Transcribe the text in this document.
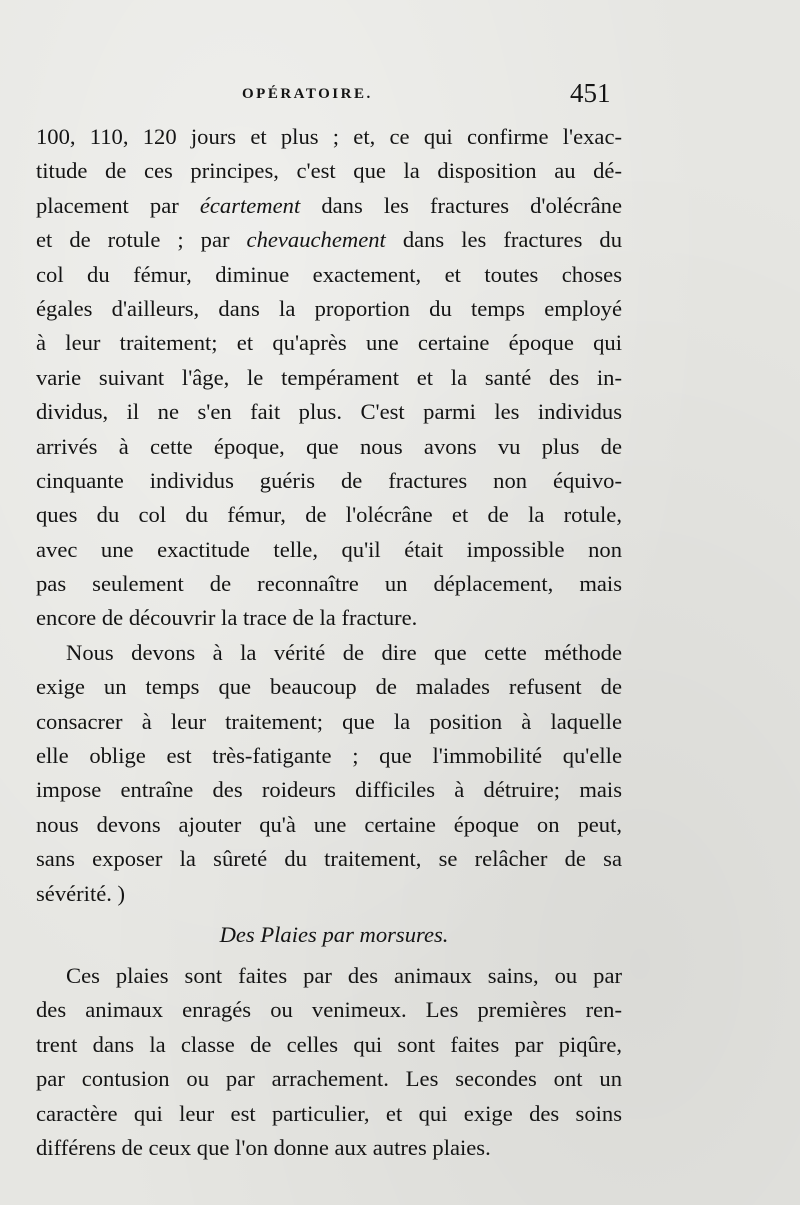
OPÉRATOIRE.	451
100, 110, 120 jours et plus ; et, ce qui confirme l'exac-
titude de ces principes, c'est que la disposition au dé-
placement par écartement dans les fractures d'olécrâne
et de rotule ; par chevauchement dans les fractures du
col du fémur, diminue exactement, et toutes choses
égales d'ailleurs, dans la proportion du temps employé
à leur traitement; et qu'après une certaine époque qui
varie suivant l'âge, le tempérament et la santé des in-
dividus, il ne s'en fait plus. C'est parmi les individus
arrivés à cette époque, que nous avons vu plus de
cinquante individus guéris de fractures non équivo-
ques du col du fémur, de l'olécrâne et de la rotule,
avec une exactitude telle, qu'il était impossible non
pas seulement de reconnaître un déplacement, mais
encore de découvrir la trace de la fracture.
Nous devons à la vérité de dire que cette méthode
exige un temps que beaucoup de malades refusent de
consacrer à leur traitement; que la position à laquelle
elle oblige est très-fatigante ; que l'immobilité qu'elle
impose entraîne des roideurs difficiles à détruire; mais
nous devons ajouter qu'à une certaine époque on peut,
sans exposer la sûreté du traitement, se relâcher de sa
sévérité. )
Des Plaies par morsures.
Ces plaies sont faites par des animaux sains, ou par
des animaux enragés ou venimeux. Les premières ren-
trent dans la classe de celles qui sont faites par piqûre,
par contusion ou par arrachement. Les secondes ont un
caractère qui leur est particulier, et qui exige des soins
différens de ceux que l'on donne aux autres plaies.
